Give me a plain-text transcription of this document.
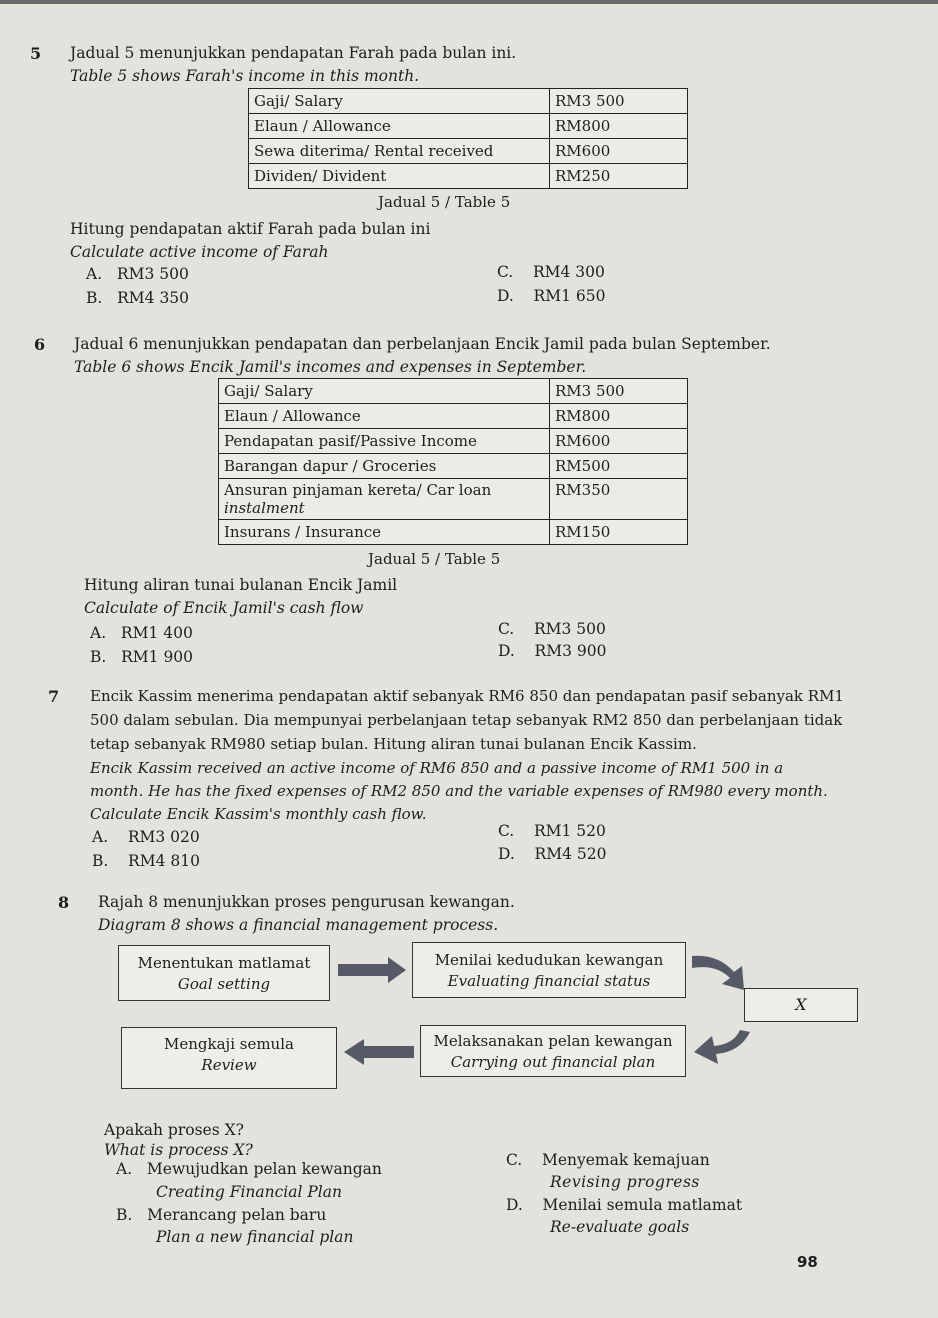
5 Jadual 5 menunjukkan pendapatan Farah pada bulan ini.
Table 5 shows Farah's income in this month.
Gaji/ Salary	RM3 500
Elaun / Allowance	RM800
Sewa diterima/ Rental received	RM600
Dividen/ Divident	RM250
Jadual 5 / Table 5
Hitung pendapatan aktif Farah pada bulan ini
Calculate active income of Farah
A. RM3 500
B. RM4 350
C. RM4 300
D. RM1 650
6 Jadual 6 menunjukkan pendapatan dan perbelanjaan Encik Jamil pada bulan September.
Table 6 shows Encik Jamil's incomes and expenses in September.
Gaji/ Salary	RM3 500
Elaun / Allowance	RM800
Pendapatan pasif/Passive Income	RM600
Barangan dapur / Groceries	RM500

Ansuran pinjaman kereta/ Car loan
instalment	RM350
Insurans / Insurance	RM150
Jadual 5 / Table 5
Hitung aliran tunai bulanan Encik Jamil
Calculate of Encik Jamil's cash flow
A. RM1 400
B. RM1 900
C. RM3 500
D. RM3 900
7 Encik Kassim menerima pendapatan aktif sebanyak RM6 850 dan pendapatan pasif sebanyak RM1
500 dalam sebulan. Dia mempunyai perbelanjaan tetap sebanyak RM2 850 dan perbelanjaan tidak
tetap sebanyak RM980 setiap bulan. Hitung aliran tunai bulanan Encik Kassim.
Encik Kassim received an active income of RM6 850 and a passive income of RM1 500 in a
month. He has the fixed expenses of RM2 850 and the variable expenses of RM980 every month.
Calculate Encik Kassim's monthly cash flow.
A. RM3 020
B. RM4 810
C. RM1 520
D. RM4 520
8 Rajah 8 menunjukkan proses pengurusan kewangan.
Diagram 8 shows a financial management process.
Menentukan matlamat
Goal setting
Menilai kedudukan kewangan
Evaluating financial status
X
Melaksanakan pelan kewangan
Carrying out financial plan
Mengkaji semula
Review
Apakah proses X?
What is process X?
A. Mewujudkan pelan kewangan
Creating Financial Plan
B. Merancang pelan baru
Plan a new financial plan
C. Menyemak kemajuan
Revising progress
D. Menilai semula matlamat
Re-evaluate goals
98
